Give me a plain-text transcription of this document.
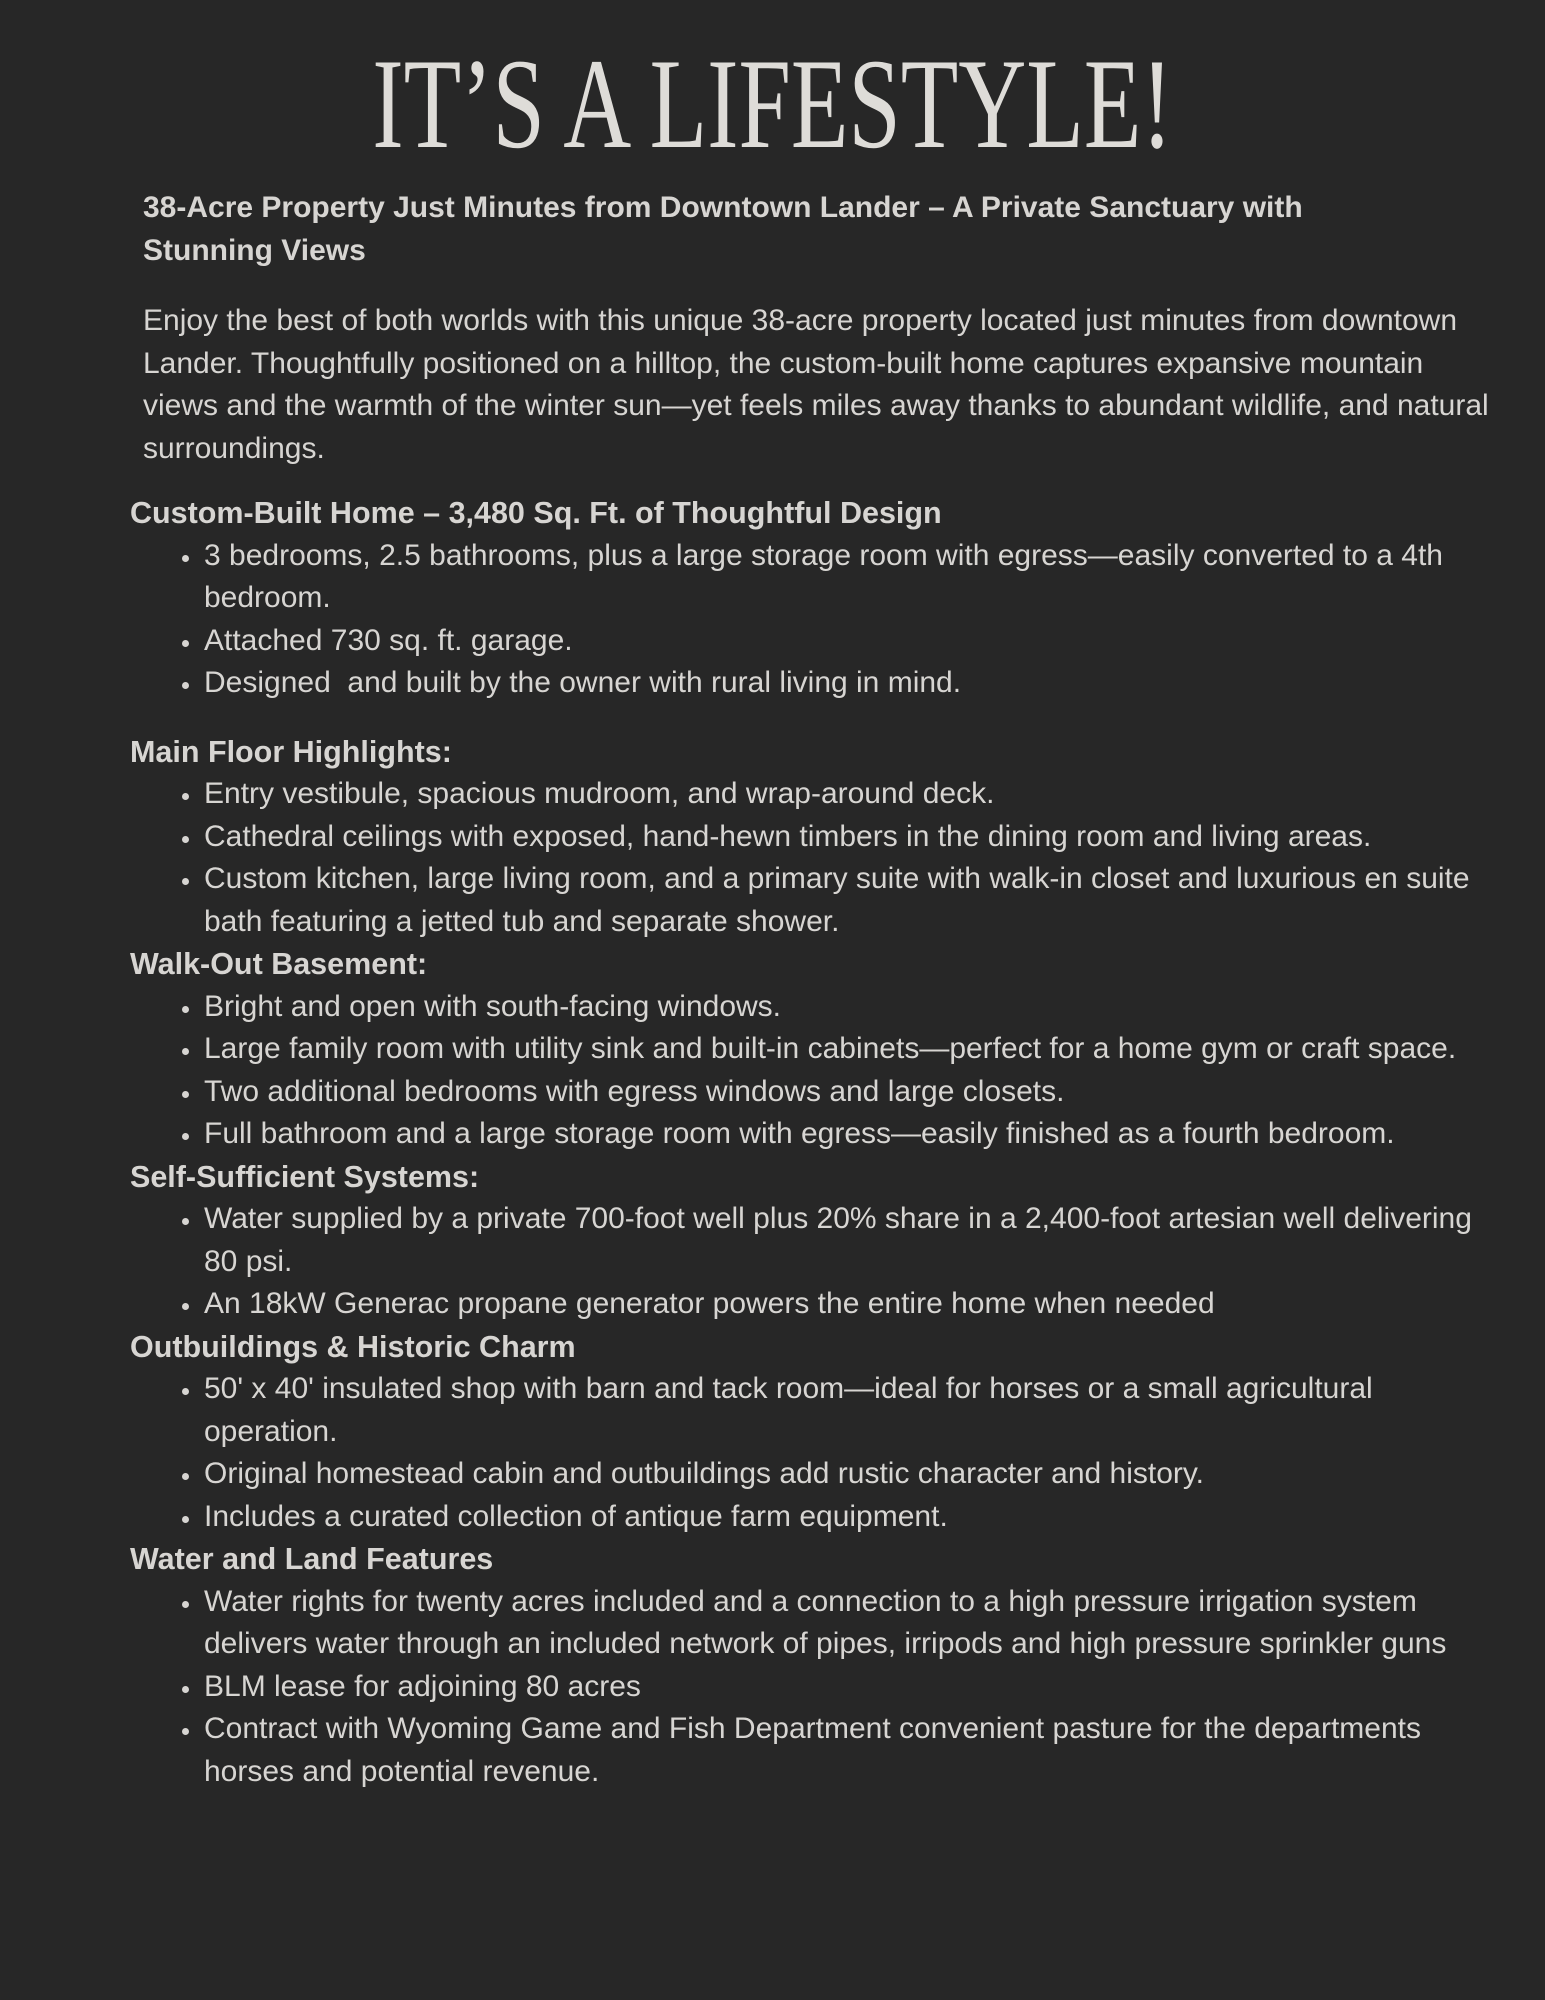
IT’S A LIFESTYLE!

38-Acre Property Just Minutes from Downtown Lander – A Private Sanctuary with Stunning Views

Enjoy the best of both worlds with this unique 38-acre property located just minutes from downtown Lander. Thoughtfully positioned on a hilltop, the custom-built home captures expansive mountain views and the warmth of the winter sun—yet feels miles away thanks to abundant wildlife, and natural surroundings.

Custom-Built Home – 3,480 Sq. Ft. of Thoughtful Design
• 3 bedrooms, 2.5 bathrooms, plus a large storage room with egress—easily converted to a 4th bedroom.
• Attached 730 sq. ft. garage.
• Designed  and built by the owner with rural living in mind.
Main Floor Highlights:
• Entry vestibule, spacious mudroom, and wrap-around deck.
• Cathedral ceilings with exposed, hand-hewn timbers in the dining room and living areas.
• Custom kitchen, large living room, and a primary suite with walk-in closet and luxurious en suite bath featuring a jetted tub and separate shower.
Walk-Out Basement:
• Bright and open with south-facing windows.
• Large family room with utility sink and built-in cabinets—perfect for a home gym or craft space.
• Two additional bedrooms with egress windows and large closets.
• Full bathroom and a large storage room with egress—easily finished as a fourth bedroom.
Self-Sufficient Systems:
• Water supplied by a private 700-foot well plus 20% share in a 2,400-foot artesian well delivering 80 psi.
• An 18kW Generac propane generator powers the entire home when needed
Outbuildings & Historic Charm
• 50' x 40' insulated shop with barn and tack room—ideal for horses or a small agricultural operation.
• Original homestead cabin and outbuildings add rustic character and history.
• Includes a curated collection of antique farm equipment.
Water and Land Features
• Water rights for twenty acres included and a connection to a high pressure irrigation system delivers water through an included network of pipes, irripods and high pressure sprinkler guns
• BLM lease for adjoining 80 acres
• Contract with Wyoming Game and Fish Department convenient pasture for the departments horses and potential revenue.
